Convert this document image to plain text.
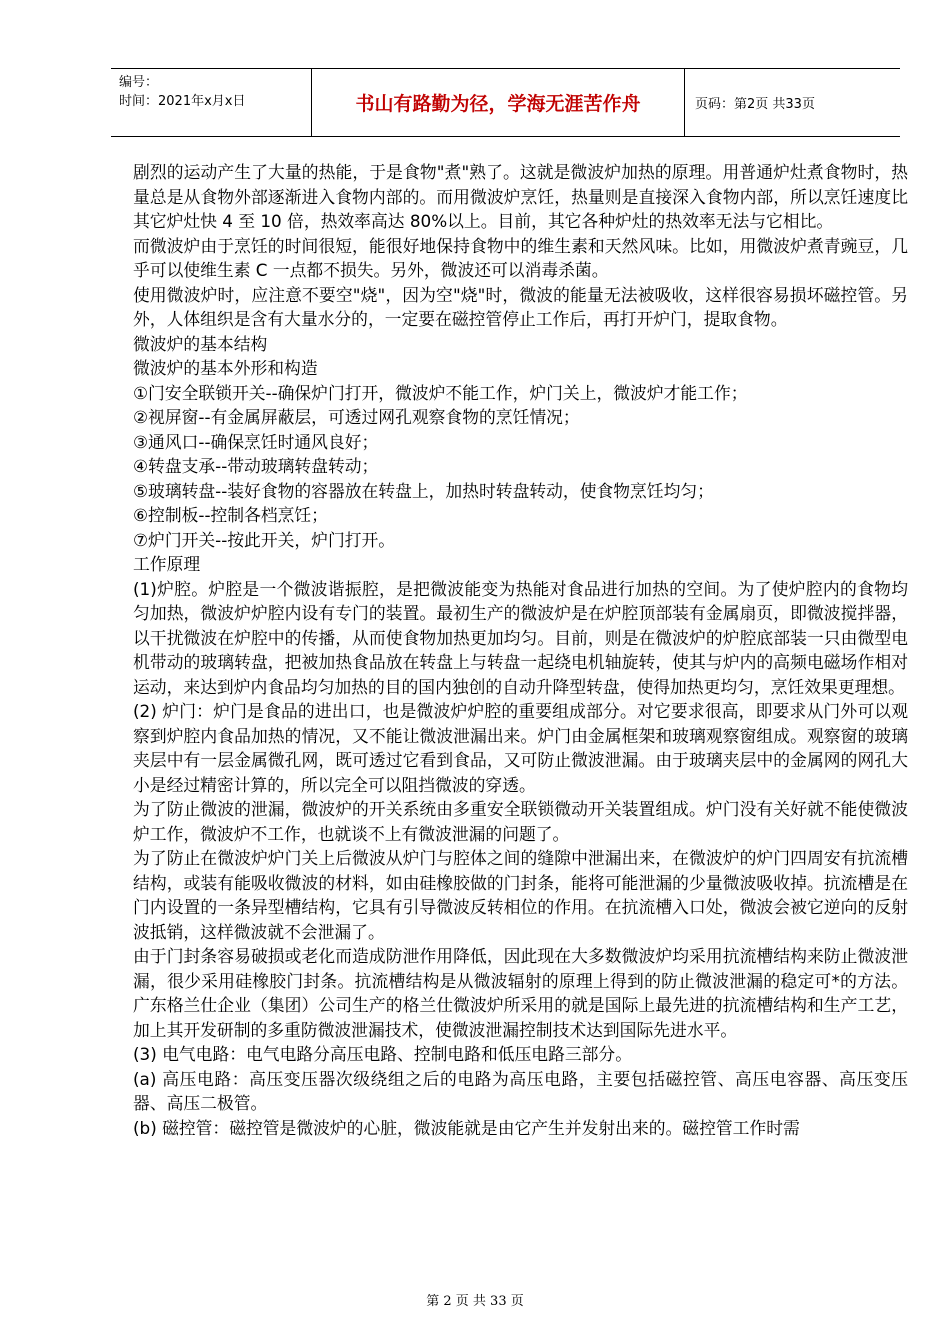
编号：
时间：2021年x月x日	书山有路勤为径，学海无涯苦作舟	页码：第2页 共33页

剧烈的运动产生了大量的热能，于是食物"煮"熟了。这就是微波炉加热的原理。用普通炉灶煮食物时，热量总是从食物外部逐渐进入食物内部的。而用微波炉烹饪，热量则是直接深入食物内部，所以烹饪速度比其它炉灶快 4 至 10 倍，热效率高达 80%以上。目前，其它各种炉灶的热效率无法与它相比。

而微波炉由于烹饪的时间很短，能很好地保持食物中的维生素和天然风味。比如，用微波炉煮青豌豆，几乎可以使维生素 C 一点都不损失。另外，微波还可以消毒杀菌。

使用微波炉时，应注意不要空"烧"，因为空"烧"时，微波的能量无法被吸收，这样很容易损坏磁控管。另外，人体组织是含有大量水分的，一定要在磁控管停止工作后，再打开炉门，提取食物。

微波炉的基本结构

微波炉的基本外形和构造

①门安全联锁开关--确保炉门打开，微波炉不能工作，炉门关上，微波炉才能工作；

②视屏窗--有金属屏蔽层，可透过网孔观察食物的烹饪情况；

③通风口--确保烹饪时通风良好；

④转盘支承--带动玻璃转盘转动；

⑤玻璃转盘--装好食物的容器放在转盘上，加热时转盘转动，使食物烹饪均匀；

⑥控制板--控制各档烹饪；

⑦炉门开关--按此开关，炉门打开。

工作原理

(1)炉腔。炉腔是一个微波谐振腔，是把微波能变为热能对食品进行加热的空间。为了使炉腔内的食物均匀加热，微波炉炉腔内设有专门的装置。最初生产的微波炉是在炉腔顶部装有金属扇页，即微波搅拌器，以干扰微波在炉腔中的传播，从而使食物加热更加均匀。目前，则是在微波炉的炉腔底部装一只由微型电机带动的玻璃转盘，把被加热食品放在转盘上与转盘一起绕电机轴旋转，使其与炉内的高频电磁场作相对运动，来达到炉内食品均匀加热的目的国内独创的自动升降型转盘，使得加热更均匀，烹饪效果更理想。

(2) 炉门：炉门是食品的进出口，也是微波炉炉腔的重要组成部分。对它要求很高，即要求从门外可以观察到炉腔内食品加热的情况，又不能让微波泄漏出来。炉门由金属框架和玻璃观察窗组成。观察窗的玻璃夹层中有一层金属微孔网，既可透过它看到食品，又可防止微波泄漏。由于玻璃夹层中的金属网的网孔大小是经过精密计算的，所以完全可以阻挡微波的穿透。

为了防止微波的泄漏，微波炉的开关系统由多重安全联锁微动开关装置组成。炉门没有关好就不能使微波炉工作，微波炉不工作，也就谈不上有微波泄漏的问题了。

为了防止在微波炉炉门关上后微波从炉门与腔体之间的缝隙中泄漏出来，在微波炉的炉门四周安有抗流槽结构，或装有能吸收微波的材料，如由硅橡胶做的门封条，能将可能泄漏的少量微波吸收掉。抗流槽是在门内设置的一条异型槽结构，它具有引导微波反转相位的作用。在抗流槽入口处，微波会被它逆向的反射波抵销，这样微波就不会泄漏了。

由于门封条容易破损或老化而造成防泄作用降低，因此现在大多数微波炉均采用抗流槽结构来防止微波泄漏，很少采用硅橡胶门封条。抗流槽结构是从微波辐射的原理上得到的防止微波泄漏的稳定可*的方法。广东格兰仕企业（集团）公司生产的格兰仕微波炉所采用的就是国际上最先进的抗流槽结构和生产工艺，加上其开发研制的多重防微波泄漏技术，使微波泄漏控制技术达到国际先进水平。

(3) 电气电路：电气电路分高压电路、控制电路和低压电路三部分。

(a) 高压电路：高压变压器次级绕组之后的电路为高压电路，主要包括磁控管、高压电容器、高压变压器、高压二极管。

(b) 磁控管：磁控管是微波炉的心脏，微波能就是由它产生并发射出来的。磁控管工作时需

第 2 页 共 33 页
